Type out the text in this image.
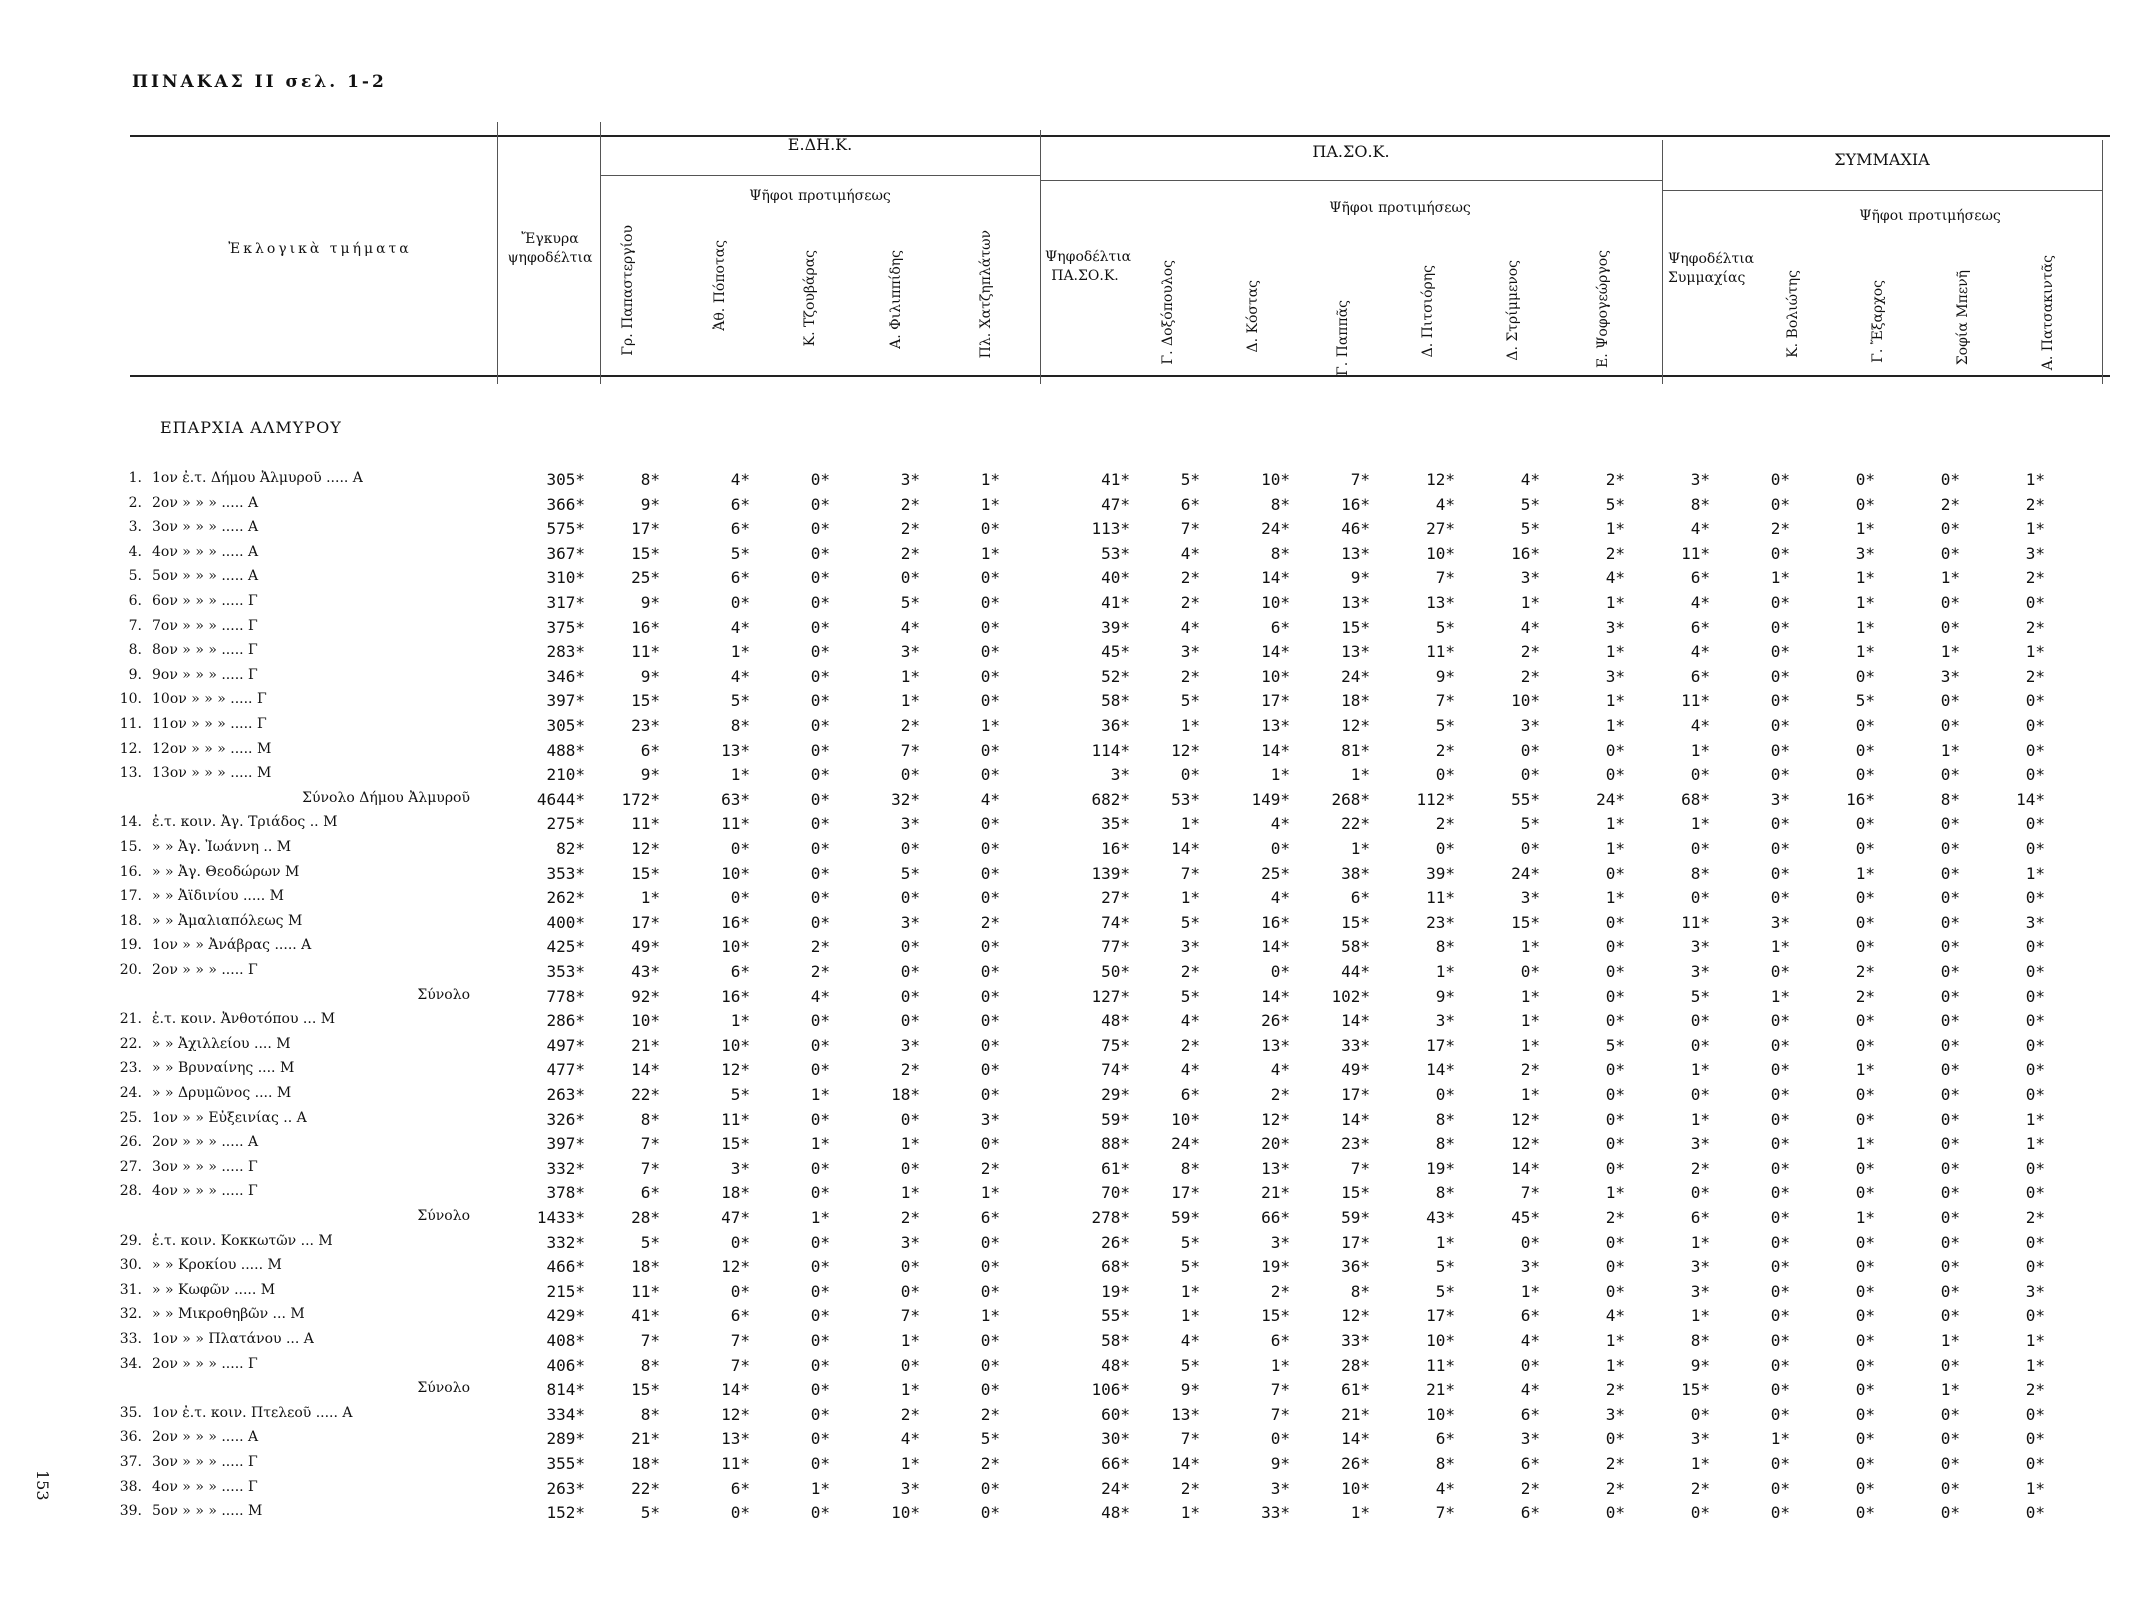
ΠΙΝΑΚΑΣ ΙΙ σελ. 1-2
Ἐκλογικὰ τμήματα
Ἔγκυρα ψηφοδέλτια
Ε.ΔΗ.Κ.
Ψῆφοι προτιμήσεως
ΠΑ.ΣΟ.Κ.
Ψῆφοι προτιμήσεως
ΣΥΜΜΑΧΙΑ
Ψῆφοι προτιμήσεως
Γρ. Παπαστεργίου	Ἀθ. Πόποτας	Κ. Τζουβάρας	Α. Φιλιππίδης	Πλ. Χατζηπλάτων	Ψηφοδέλτια ΠΑ.ΣΟ.Κ.	Γ. Δοξόπουλος	Δ. Κόστας	Γ. Παππᾶς	Δ. Πιτσιόρης	Δ. Στρίμμενος	Ε. Ψοφογεώργος	Ψηφοδέλτια Συμμαχίας	Κ. Βολιώτης	Γ. Ἔξαρχος	Σοφία Μπενῆ	Α. Πατσακιντᾶς
ΕΠΑΡΧΙΑ ΑΛΜΥΡΟΥ
1. 1ον ἐ.τ. Δήμου Ἀλμυροῦ ..... Α	305*	8*	4*	0*	3*	1*	41*	5*	10*	7*	12*	4*	2*	3*	0*	0*	0*	1*
2. 2ον » » » ..... Α	366*	9*	6*	0*	2*	1*	47*	6*	8*	16*	4*	5*	5*	8*	0*	0*	2*	2*
3. 3ον » » » ..... Α	575*	17*	6*	0*	2*	0*	113*	7*	24*	46*	27*	5*	1*	4*	2*	1*	0*	1*
4. 4ον » » » ..... Α	367*	15*	5*	0*	2*	1*	53*	4*	8*	13*	10*	16*	2*	11*	0*	3*	0*	3*
5. 5ον » » » ..... Α	310*	25*	6*	0*	0*	0*	40*	2*	14*	9*	7*	3*	4*	6*	1*	1*	1*	2*
6. 6ον » » » ..... Γ	317*	9*	0*	0*	5*	0*	41*	2*	10*	13*	13*	1*	1*	4*	0*	1*	0*	0*
7. 7ον » » » ..... Γ	375*	16*	4*	0*	4*	0*	39*	4*	6*	15*	5*	4*	3*	6*	0*	1*	0*	2*
8. 8ον » » » ..... Γ	283*	11*	1*	0*	3*	0*	45*	3*	14*	13*	11*	2*	1*	4*	0*	1*	1*	1*
9. 9ον » » » ..... Γ	346*	9*	4*	0*	1*	0*	52*	2*	10*	24*	9*	2*	3*	6*	0*	0*	3*	2*
10. 10ον » » » ..... Γ	397*	15*	5*	0*	1*	0*	58*	5*	17*	18*	7*	10*	1*	11*	0*	5*	0*	0*
11. 11ον » » » ..... Γ	305*	23*	8*	0*	2*	1*	36*	1*	13*	12*	5*	3*	1*	4*	0*	0*	0*	0*
12. 12ον » » » ..... Μ	488*	6*	13*	0*	7*	0*	114*	12*	14*	81*	2*	0*	0*	1*	0*	0*	1*	0*
13. 13ον » » » ..... Μ	210*	9*	1*	0*	0*	0*	3*	0*	1*	1*	0*	0*	0*	0*	0*	0*	0*	0*
Σύνολο Δήμου Ἀλμυροῦ	4644*	172*	63*	0*	32*	4*	682*	53*	149*	268*	112*	55*	24*	68*	3*	16*	8*	14*
14. ἐ.τ. κοιν. Ἀγ. Τριάδος .. Μ	275*	11*	11*	0*	3*	0*	35*	1*	4*	22*	2*	5*	1*	1*	0*	0*	0*	0*
15. » » Ἀγ. Ἰωάννη .. Μ	82*	12*	0*	0*	0*	0*	16*	14*	0*	1*	0*	0*	1*	0*	0*	0*	0*	0*
16. » » Ἀγ. Θεοδώρων Μ	353*	15*	10*	0*	5*	0*	139*	7*	25*	38*	39*	24*	0*	8*	0*	1*	0*	1*
17. » » Ἀϊδινίου ..... Μ	262*	1*	0*	0*	0*	0*	27*	1*	4*	6*	11*	3*	1*	0*	0*	0*	0*	0*
18. » » Ἀμαλιαπόλεως Μ	400*	17*	16*	0*	3*	2*	74*	5*	16*	15*	23*	15*	0*	11*	3*	0*	0*	3*
19. 1ον » » Ἀνάβρας ..... Α	425*	49*	10*	2*	0*	0*	77*	3*	14*	58*	8*	1*	0*	3*	1*	0*	0*	0*
20. 2ον » » » ..... Γ	353*	43*	6*	2*	0*	0*	50*	2*	0*	44*	1*	0*	0*	3*	0*	2*	0*	0*
Σύνολο	778*	92*	16*	4*	0*	0*	127*	5*	14*	102*	9*	1*	0*	5*	1*	2*	0*	0*
21. ἐ.τ. κοιν. Ἀνθοτόπου ... Μ	286*	10*	1*	0*	0*	0*	48*	4*	26*	14*	3*	1*	0*	0*	0*	0*	0*	0*
22. » » Ἀχιλλείου .... Μ	497*	21*	10*	0*	3*	0*	75*	2*	13*	33*	17*	1*	5*	0*	0*	0*	0*	0*
23. » » Βρυναίνης .... Μ	477*	14*	12*	0*	2*	0*	74*	4*	4*	49*	14*	2*	0*	1*	0*	1*	0*	0*
24. » » Δρυμῶνος .... Μ	263*	22*	5*	1*	18*	0*	29*	6*	2*	17*	0*	1*	0*	0*	0*	0*	0*	0*
25. 1ον » » Εὐξεινίας .. Α	326*	8*	11*	0*	0*	3*	59*	10*	12*	14*	8*	12*	0*	1*	0*	0*	0*	1*
26. 2ον » » » ..... Α	397*	7*	15*	1*	1*	0*	88*	24*	20*	23*	8*	12*	0*	3*	0*	1*	0*	1*
27. 3ον » » » ..... Γ	332*	7*	3*	0*	0*	2*	61*	8*	13*	7*	19*	14*	0*	2*	0*	0*	0*	0*
28. 4ον » » » ..... Γ	378*	6*	18*	0*	1*	1*	70*	17*	21*	15*	8*	7*	1*	0*	0*	0*	0*	0*
Σύνολο	1433*	28*	47*	1*	2*	6*	278*	59*	66*	59*	43*	45*	2*	6*	0*	1*	0*	2*
29. ἐ.τ. κοιν. Κοκκωτῶν ... Μ	332*	5*	0*	0*	3*	0*	26*	5*	3*	17*	1*	0*	0*	1*	0*	0*	0*	0*
30. » » Κροκίου ..... Μ	466*	18*	12*	0*	0*	0*	68*	5*	19*	36*	5*	3*	0*	3*	0*	0*	0*	0*
31. » » Κωφῶν ..... Μ	215*	11*	0*	0*	0*	0*	19*	1*	2*	8*	5*	1*	0*	3*	0*	0*	0*	3*
32. » » Μικροθηβῶν ... Μ	429*	41*	6*	0*	7*	1*	55*	1*	15*	12*	17*	6*	4*	1*	0*	0*	0*	0*
33. 1ον » » Πλατάνου ... Α	408*	7*	7*	0*	1*	0*	58*	4*	6*	33*	10*	4*	1*	8*	0*	0*	1*	1*
34. 2ον » » » ..... Γ	406*	8*	7*	0*	0*	0*	48*	5*	1*	28*	11*	0*	1*	9*	0*	0*	0*	1*
Σύνολο	814*	15*	14*	0*	1*	0*	106*	9*	7*	61*	21*	4*	2*	15*	0*	0*	1*	2*
35. 1ον ἐ.τ. κοιν. Πτελεοῦ ..... Α	334*	8*	12*	0*	2*	2*	60*	13*	7*	21*	10*	6*	3*	0*	0*	0*	0*	0*
36. 2ον » » » ..... Α	289*	21*	13*	0*	4*	5*	30*	7*	0*	14*	6*	3*	0*	3*	1*	0*	0*	0*
37. 3ον » » » ..... Γ	355*	18*	11*	0*	1*	2*	66*	14*	9*	26*	8*	6*	2*	1*	0*	0*	0*	0*
38. 4ον » » » ..... Γ	263*	22*	6*	1*	3*	0*	24*	2*	3*	10*	4*	2*	2*	2*	0*	0*	0*	1*
39. 5ον » » » ..... Μ	152*	5*	0*	0*	10*	0*	48*	1*	33*	1*	7*	6*	0*	0*	0*	0*	0*	0*
153
